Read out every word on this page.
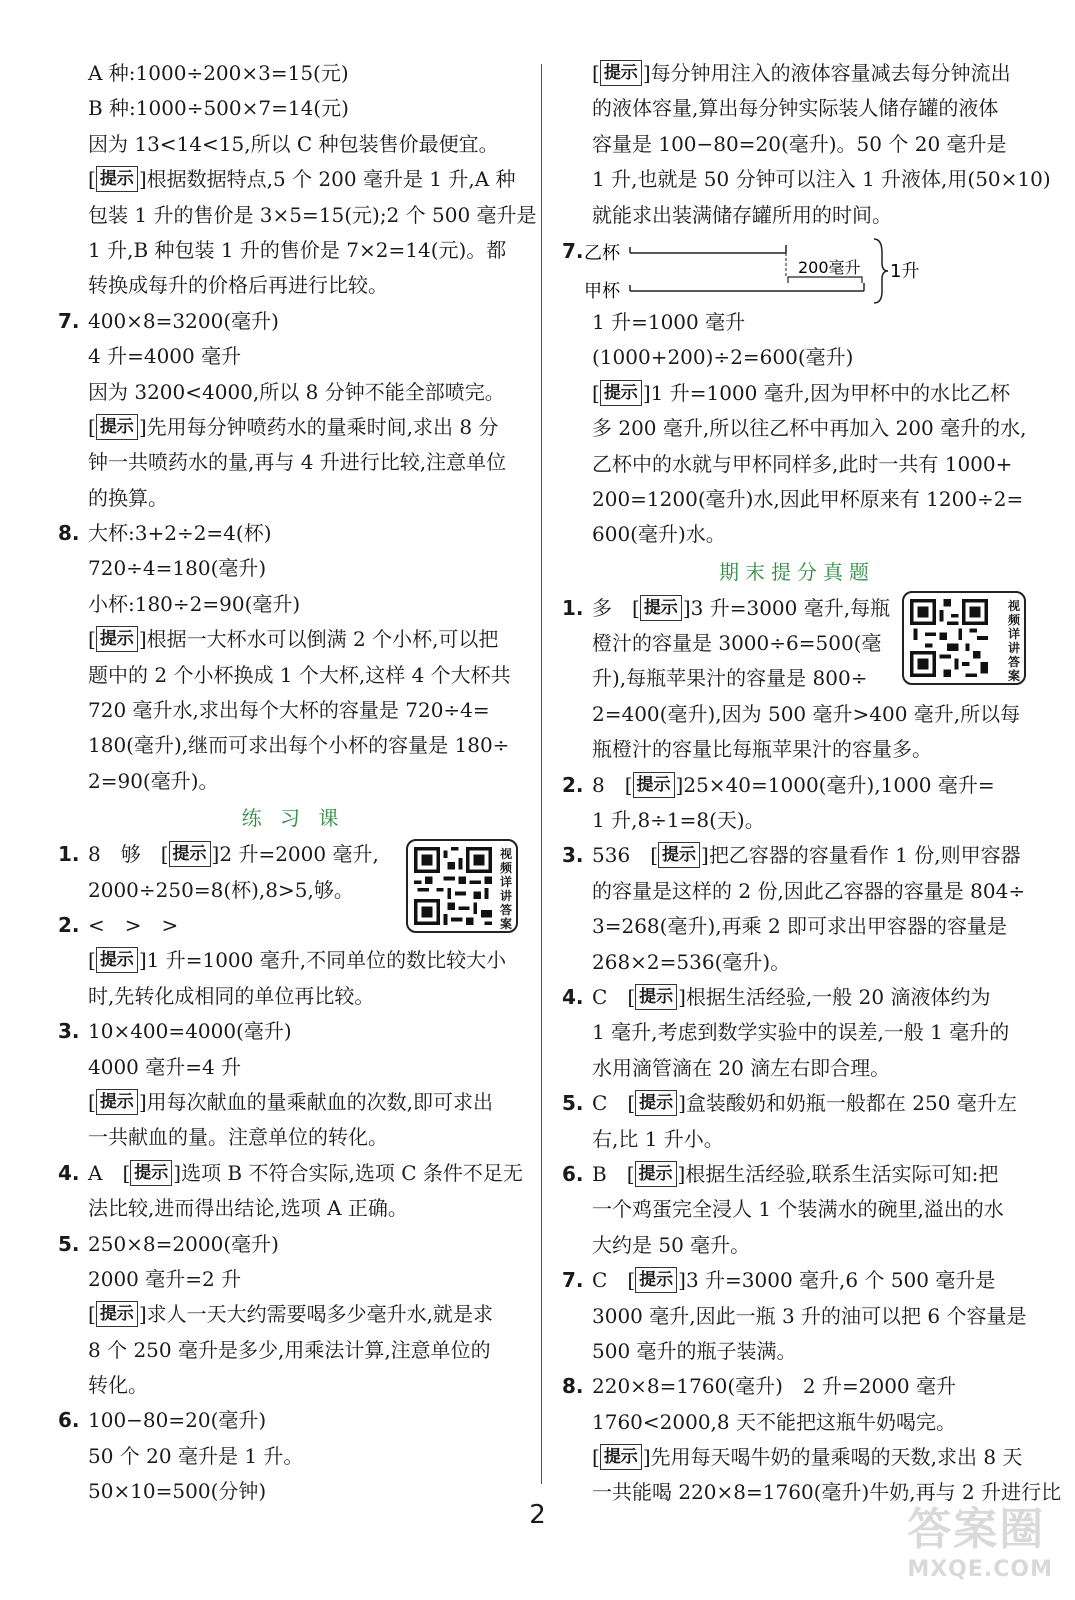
A 种:1000÷200×3=15(元)
B 种:1000÷500×7=14(元)
因为 13<14<15,所以 C 种包装售价最便宜。
[ 提示 ]根据数据特点,5 个 200 毫升是 1 升,A 种
包装 1 升的售价是 3×5=15(元);2 个 500 毫升是
1 升,B 种包装 1 升的售价是 7×2=14(元)。都
转换成每升的价格后再进行比较。
7. 400×8=3200(毫升)
4 升=4000 毫升
因为 3200<4000,所以 8 分钟不能全部喷完。
[ 提示 ]先用每分钟喷药水的量乘时间,求出 8 分
钟一共喷药水的量,再与 4 升进行比较,注意单位
的换算。
8. 大杯:3+2÷2=4(杯)
720÷4=180(毫升)
小杯:180÷2=90(毫升)
[ 提示 ]根据一大杯水可以倒满 2 个小杯,可以把
题中的 2 个小杯换成 1 个大杯,这样 4 个大杯共
720 毫升水,求出每个大杯的容量是 720÷4=
180(毫升),继而可求出每个小杯的容量是 180÷
2=90(毫升)。
练 习 课
视频详讲答案
1. 8　够　[ 提示 ]2 升=2000 毫升,
2000÷250=8(杯),8>5,够。
2. <　>　>
[ 提示 ]1 升=1000 毫升,不同单位的数比较大小
时,先转化成相同的单位再比较。
3. 10×400=4000(毫升)
4000 毫升=4 升
[ 提示 ]用每次献血的量乘献血的次数,即可求出
一共献血的量。注意单位的转化。
4. A　[ 提示 ]选项 B 不符合实际,选项 C 条件不足无
法比较,进而得出结论,选项 A 正确。
5. 250×8=2000(毫升)
2000 毫升=2 升
[ 提示 ]求人一天大约需要喝多少毫升水,就是求
8 个 250 毫升是多少,用乘法计算,注意单位的
转化。
6. 100−80=20(毫升)
50 个 20 毫升是 1 升。
50×10=500(分钟)
[ 提示 ]每分钟用注入的液体容量减去每分钟流出
的液体容量,算出每分钟实际装人储存罐的液体
容量是 100−80=20(毫升)。50 个 20 毫升是
1 升,也就是 50 分钟可以注入 1 升液体,用(50×10)
就能求出装满储存罐所用的时间。
7. 乙杯
甲杯
200毫升 1升
1 升=1000 毫升
(1000+200)÷2=600(毫升)
[ 提示 ]1 升=1000 毫升,因为甲杯中的水比乙杯
多 200 毫升,所以往乙杯中再加入 200 毫升的水,
乙杯中的水就与甲杯同样多,此时一共有 1000+
200=1200(毫升)水,因此甲杯原来有 1200÷2=
600(毫升)水。
期末提分真题
视频详讲答案
1. 多　[ 提示 ]3 升=3000 毫升,每瓶
橙汁的容量是 3000÷6=500(毫
升),每瓶苹果汁的容量是 800÷
2=400(毫升),因为 500 毫升>400 毫升,所以每
瓶橙汁的容量比每瓶苹果汁的容量多。
2. 8　[ 提示 ]25×40=1000(毫升),1000 毫升=
1 升,8÷1=8(天)。
3. 536　[ 提示 ]把乙容器的容量看作 1 份,则甲容器
的容量是这样的 2 份,因此乙容器的容量是 804÷
3=268(毫升),再乘 2 即可求出甲容器的容量是
268×2=536(毫升)。
4. C　[ 提示 ]根据生活经验,一般 20 滴液体约为
1 毫升,考虑到数学实验中的误差,一般 1 毫升的
水用滴管滴在 20 滴左右即合理。
5. C　[ 提示 ]盒装酸奶和奶瓶一般都在 250 毫升左
右,比 1 升小。
6. B　[ 提示 ]根据生活经验,联系生活实际可知:把
一个鸡蛋完全浸人 1 个装满水的碗里,溢出的水
大约是 50 毫升。
7. C　[ 提示 ]3 升=3000 毫升,6 个 500 毫升是
3000 毫升,因此一瓶 3 升的油可以把 6 个容量是
500 毫升的瓶子装满。
8. 220×8=1760(毫升)　2 升=2000 毫升
1760<2000,8 天不能把这瓶牛奶喝完。
[ 提示 ]先用每天喝牛奶的量乘喝的天数,求出 8 天
一共能喝 220×8=1760(毫升)牛奶,再与 2 升进行比
2	答案圈
MXQE.COM
